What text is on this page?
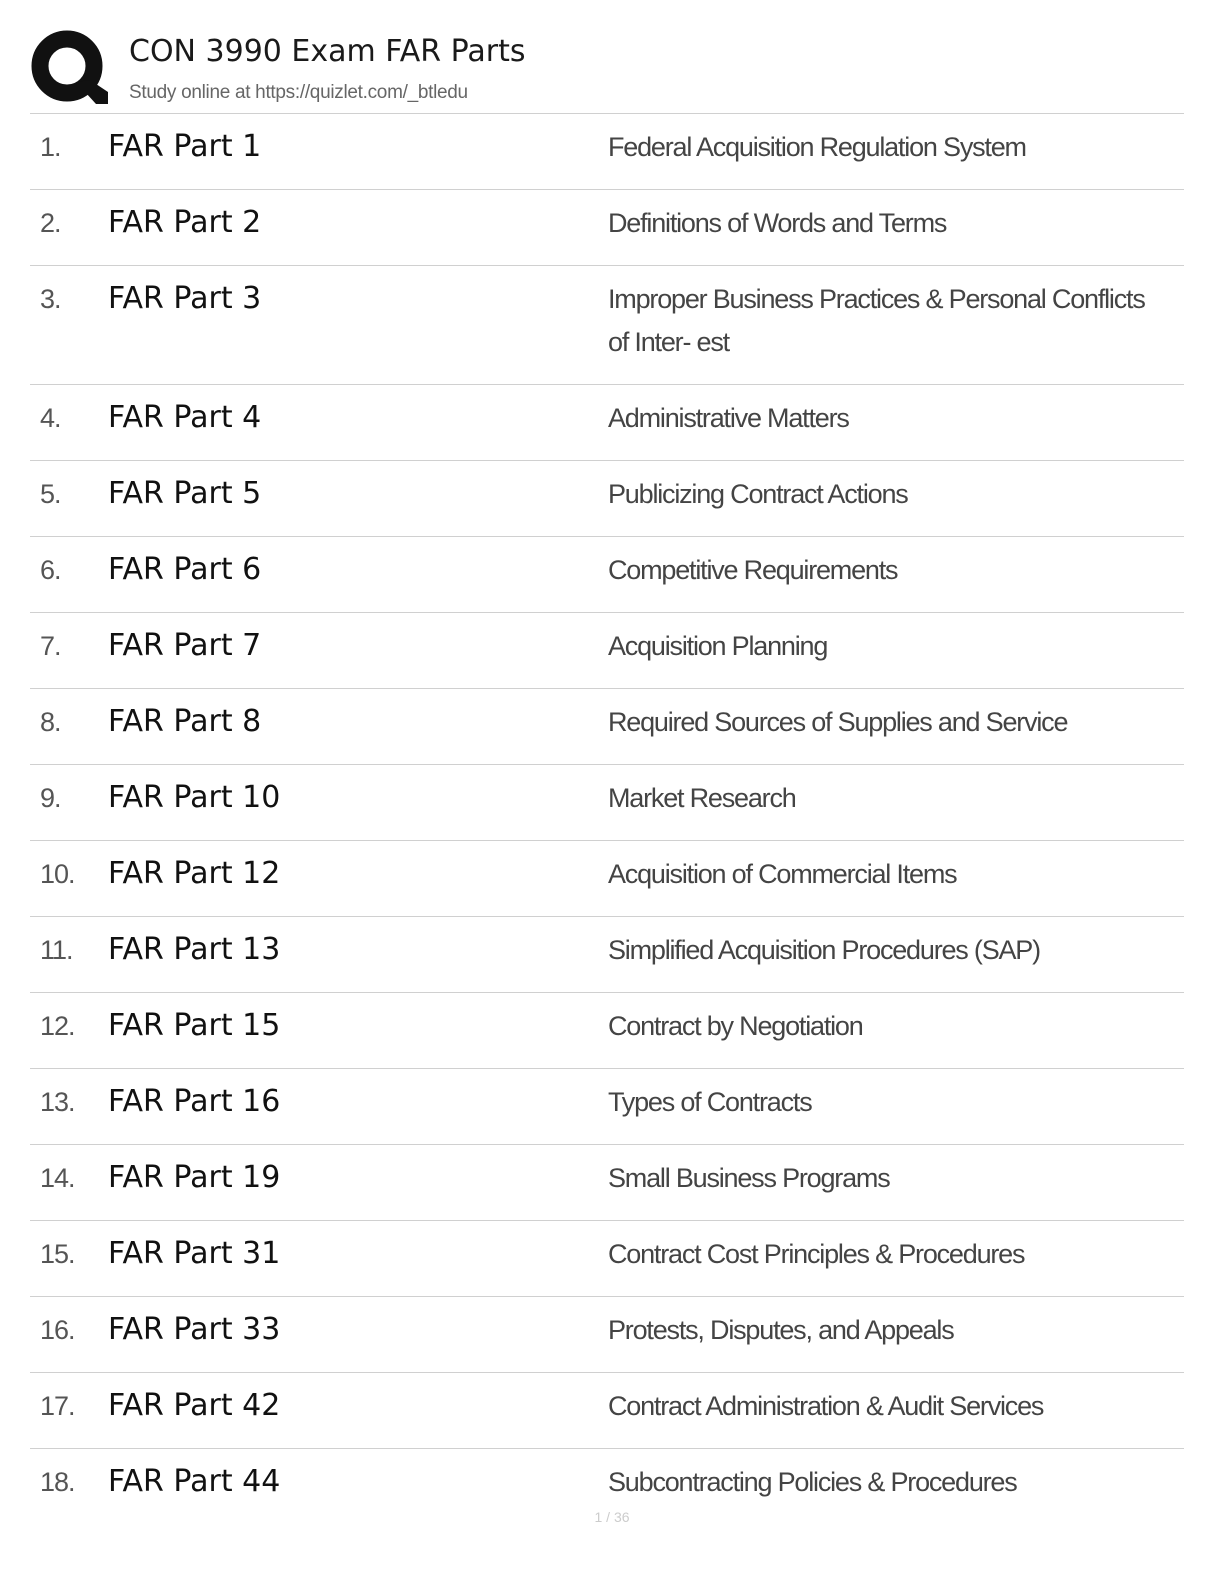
CON 3990 Exam FAR Parts
Study online at https://quizlet.com/_btledu
1.	FAR Part 1	Federal Acquisition Regulation System
2.	FAR Part 2	Definitions of Words and Terms
3.	FAR Part 3	Improper Business Practices & Personal Conflicts of Inter- est
4.	FAR Part 4	Administrative Matters
5.	FAR Part 5	Publicizing Contract Actions
6.	FAR Part 6	Competitive Requirements
7.	FAR Part 7	Acquisition Planning
8.	FAR Part 8	Required Sources of Supplies and Service
9.	FAR Part 10	Market Research
10.	FAR Part 12	Acquisition of Commercial Items
11.	FAR Part 13	Simplified Acquisition Procedures (SAP)
12.	FAR Part 15	Contract by Negotiation
13.	FAR Part 16	Types of Contracts
14.	FAR Part 19	Small Business Programs
15.	FAR Part 31	Contract Cost Principles & Procedures
16.	FAR Part 33	Protests, Disputes, and Appeals
17.	FAR Part 42	Contract Administration & Audit Services
18.	FAR Part 44	Subcontracting Policies & Procedures
1 / 36
